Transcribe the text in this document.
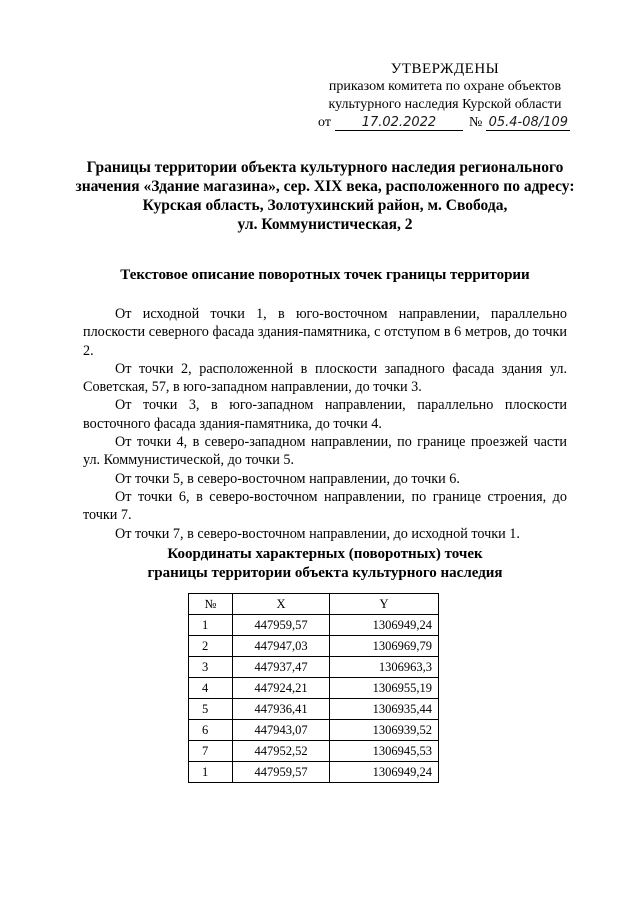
УТВЕРЖДЕНЫ
приказом комитета по охране объектов
культурного наследия Курской области
от 17.02.2022 № 05.4-08/109
Границы территории объекта культурного наследия регионального
значения «Здание магазина», сер. XIX века, расположенного по адресу:
Курская область, Золотухинский район, м. Свобода,
ул. Коммунистическая, 2
Текстовое описание поворотных точек границы территории

От исходной точки 1, в юго-восточном направлении, параллельно плоскости северного фасада здания-памятника, с отступом в 6 метров, до точки 2.

От точки 2, расположенной в плоскости западного фасада здания ул. Советская, 57, в юго-западном направлении, до точки 3.

От точки 3, в юго-западном направлении, параллельно плоскости восточного фасада здания-памятника, до точки 4.

От точки 4, в северо-западном направлении, по границе проезжей части ул. Коммунистической, до точки 5.

От точки 5, в северо-восточном направлении, до точки 6.

От точки 6, в северо-восточном направлении, по границе строения, до точки 7.

От точки 7, в северо-восточном направлении, до исходной точки 1.

Координаты характерных (поворотных) точек
границы территории объекта культурного наследия
№	X	Y
1	447959,57	1306949,24
2	447947,03	1306969,79
3	447937,47	1306963,3
4	447924,21	1306955,19
5	447936,41	1306935,44
6	447943,07	1306939,52
7	447952,52	1306945,53
1	447959,57	1306949,24
